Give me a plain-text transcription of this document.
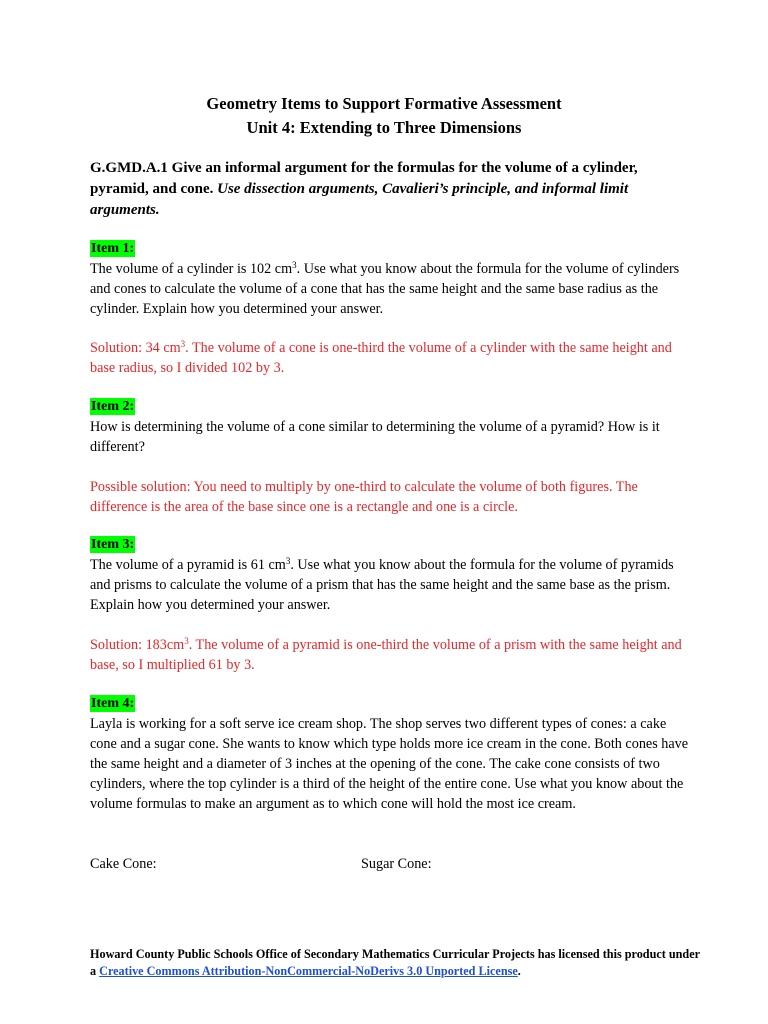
Geometry Items to Support Formative Assessment
Unit 4: Extending to Three Dimensions
G.GMD.A.1 Give an informal argument for the formulas for the volume of a cylinder, pyramid, and cone. Use dissection arguments, Cavalieri’s principle, and informal limit arguments.
Item 1:
The volume of a cylinder is 102 $cm^3$. Use what you know about the formula for the volume of cylinders and cones to calculate the volume of a cone that has the same height and the same base radius as the cylinder. Explain how you determined your answer.
Solution: 34 $cm^3$. The volume of a cone is one-third the volume of a cylinder with the same height and base radius, so I divided 102 by 3.
Item 2:
How is determining the volume of a cone similar to determining the volume of a pyramid? How is it different?
Possible solution: You need to multiply by one-third to calculate the volume of both figures. The difference is the area of the base since one is a rectangle and one is a circle.
Item 3:
The volume of a pyramid is 61 $cm^3$. Use what you know about the formula for the volume of pyramids and prisms to calculate the volume of a prism that has the same height and the same base as the prism. Explain how you determined your answer.
Solution: $183cm^3$. The volume of a pyramid is one-third the volume of a prism with the same height and base, so I multiplied 61 by 3.
Item 4:
Layla is working for a soft serve ice cream shop. The shop serves two different types of cones: a cake cone and a sugar cone. She wants to know which type holds more ice cream in the cone. Both cones have the same height and a diameter of 3 inches at the opening of the cone. The cake cone consists of two cylinders, where the top cylinder is a third of the height of the entire cone. Use what you know about the volume formulas to make an argument as to which cone will hold the most ice cream.
Cake Cone:	Sugar Cone:
Howard County Public Schools Office of Secondary Mathematics Curricular Projects has licensed this product under a Creative Commons Attribution-NonCommercial-NoDerivs 3.0 Unported License.
